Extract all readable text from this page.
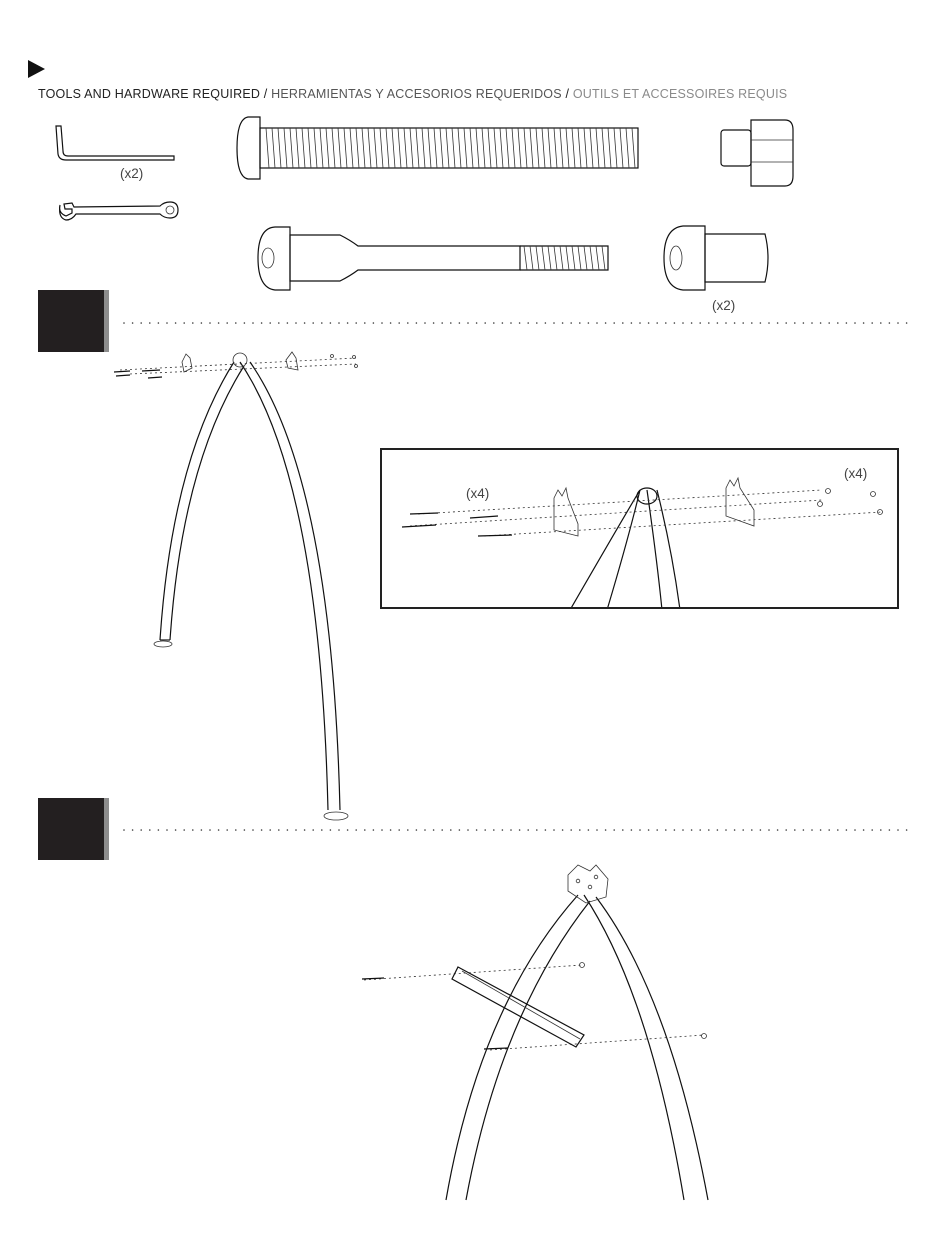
TOOLS AND HARDWARE REQUIRED / HERRAMIENTAS Y ACCESORIOS REQUERIDOS / OUTILS ET ACCESSOIRES REQUIS
(x2)
(x2)
(x4)
(x4)
